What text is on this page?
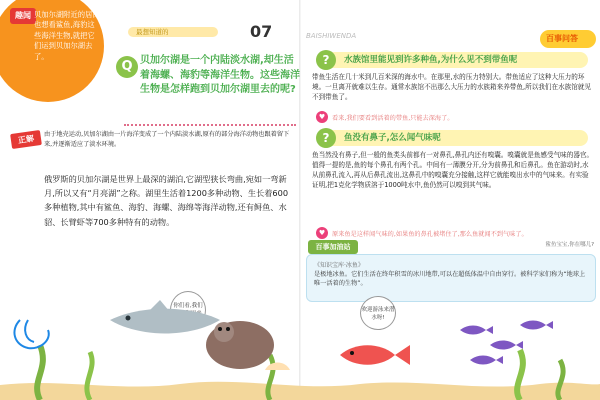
趣闻 贝加尔湖附近的居民也想看鲨鱼,海豹这些海洋生物,就把它们运到贝加尔湖去了。
最想知道的	07
Q 贝加尔湖是一个内陆淡水湖,却生活着海螺、海豹等海洋生物。这些海洋生物是怎样跑到贝加尔湖里去的呢?
正解	由于地壳运动,贝加尔湖由一片海洋变成了一个内陆淡水湖,原有的部分海洋动物也跟着留下来,并逐渐适应了淡水环境。
俄罗斯的贝加尔湖是世界上最深的湖泊,它湖型狭长弯曲,宛如一弯新月,所以又有“月亮湖”之称。湖里生活着1200多种动物、生长着600多种植物,其中有鲨鱼、海豹、海螺、海绵等海洋动物,还有鲟鱼、水貂、长臂虾等700多种特有的动物。
你们看,我们
BAISHIWENDA	百事问答
?	水族馆里能见到许多种鱼,为什么见不到带鱼呢
带鱼生活在几十米到几百米深的海水中。在那里,水的压力特别大。带鱼适应了这种大压力的环境。一旦离开就难以生存。通常水族馆不出那么大压力的水族箱来养带鱼,所以我们在水族馆就见不到带鱼了。
♥	看来,我们要看到活着的带鱼,只能去深海了。
?	鱼没有鼻子,怎么闻气味呢
鱼当然没有鼻子,但一般的鱼类头前都有一对鼻孔,鼻孔内还有嗅囊。嗅囊就是鱼感受气味的器官。值得一提的是,鱼的每个鼻孔有两个孔。中间有一薄膜分开,分为前鼻孔和后鼻孔。鱼在游动时,水从前鼻孔流入,再从后鼻孔流出,这鼻孔中的嗅囊充分接触,这样它就能嗅出水中的气味来。有实验证明,把1克化学物质溶于1000吨水中,鱼仍然可以嗅到其气味。
♥	原来鱼是这样闻气味的,如果鱼的鼻孔被堵住了,那么鱼就闻不到气味了。
百事加油站	鲨鱼宝宝,你在哪儿?
《知识宝库·冰鱼》
是极地冰鱼。它们生活在终年积雪的冰川地带,可以在超低体温中自由穿行。被科学家们称为“地球上唯一活着的生物”。
欢迎游泳来潜水呀!
